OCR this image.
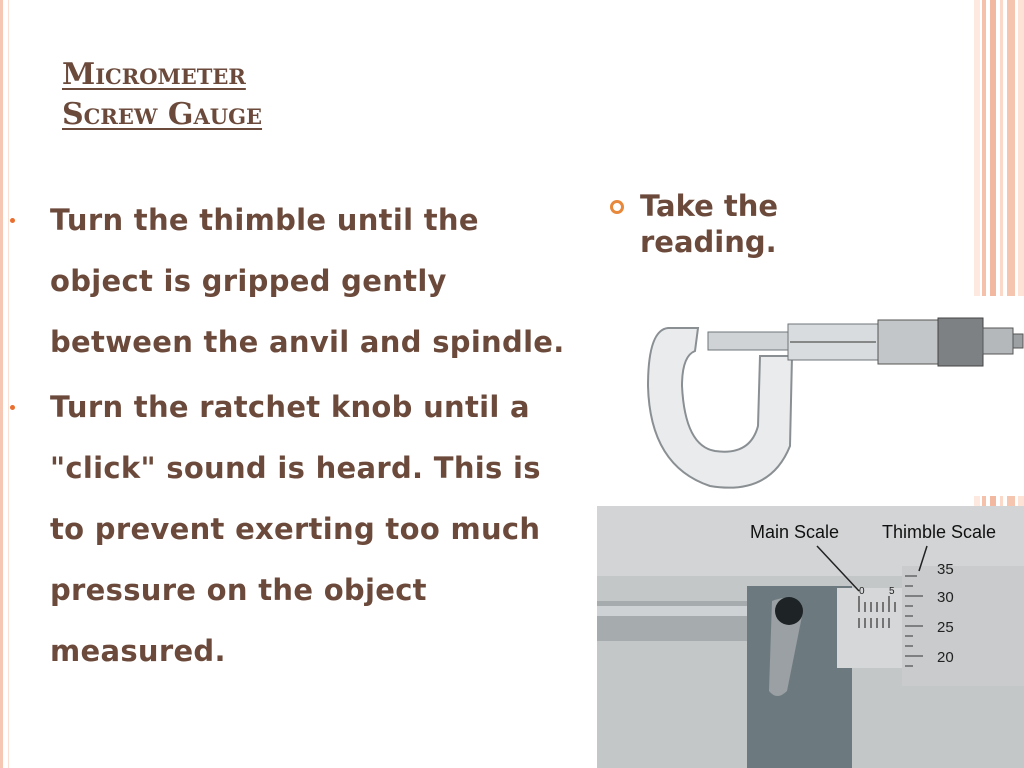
Micrometer
Screw Gauge
Turn the thimble until the object is gripped gently between the anvil and spindle.
Turn the ratchet knob until a "click" sound is heard. This is to prevent exerting too much pressure on the object measured.
Take the reading.
Main Scale Thimble Scale
0 5
35
30
25
20
